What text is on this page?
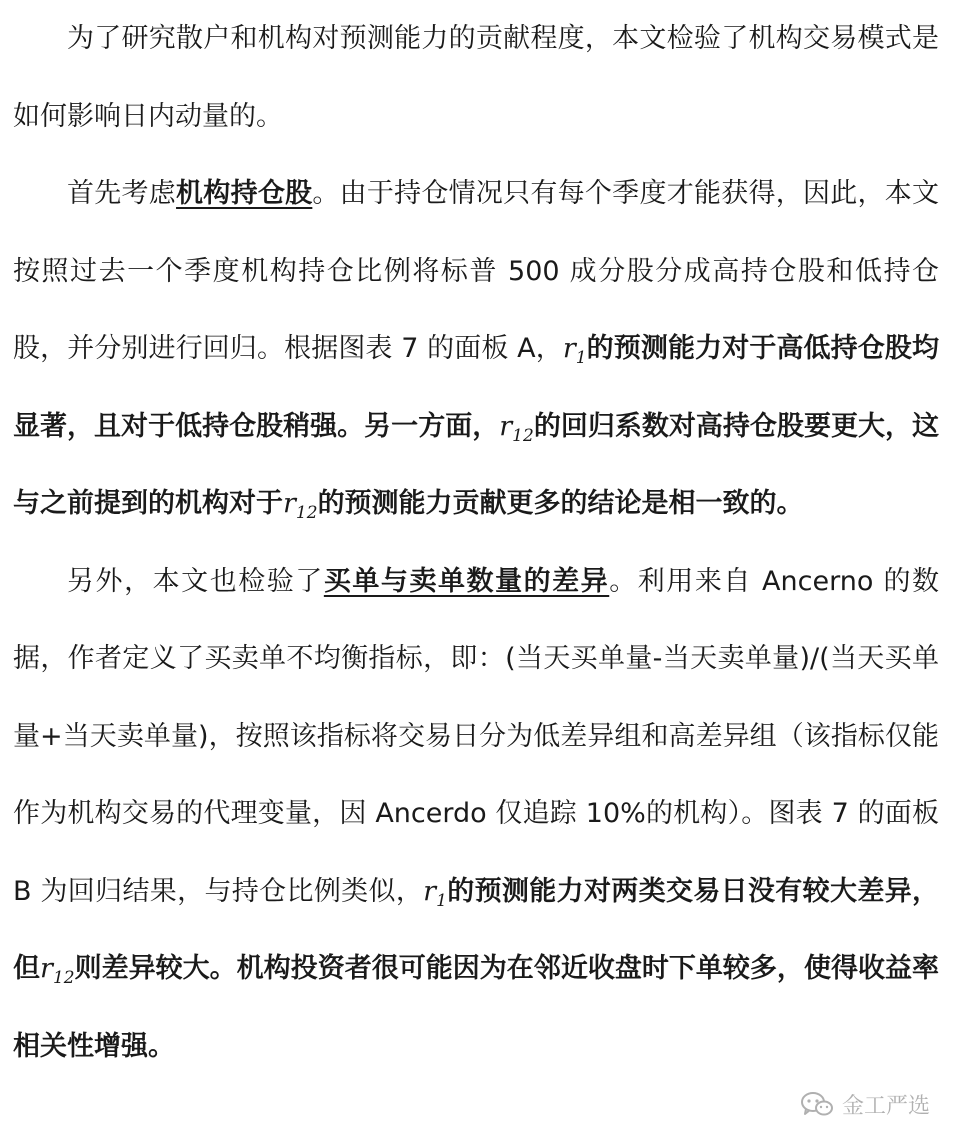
为了研究散户和机构对预测能力的贡献程度，本文检验了机构交易模式是如何影响日内动量的。

首先考虑机构持仓股。由于持仓情况只有每个季度才能获得，因此，本文按照过去一个季度机构持仓比例将标普 500 成分股分成高持仓股和低持仓股，并分别进行回归。根据图表 7 的面板 A，$r_1$的预测能力对于高低持仓股均显著，且对于低持仓股稍强。另一方面，$r_{12}$的回归系数对高持仓股要更大，这与之前提到的机构对于$r_{12}$的预测能力贡献更多的结论是相一致的。

另外，本文也检验了买单与卖单数量的差异。利用来自 Ancerno 的数据，作者定义了买卖单不均衡指标，即：(当天买单量-当天卖单量)/(当天买单量+当天卖单量)，按照该指标将交易日分为低差异组和高差异组（该指标仅能作为机构交易的代理变量，因 Ancerdo 仅追踪 10%的机构）。图表 7 的面板 B 为回归结果，与持仓比例类似，$r_1$的预测能力对两类交易日没有较大差异，但$r_{12}$则差异较大。机构投资者很可能因为在邻近收盘时下单较多，使得收益率相关性增强。

金工严选
